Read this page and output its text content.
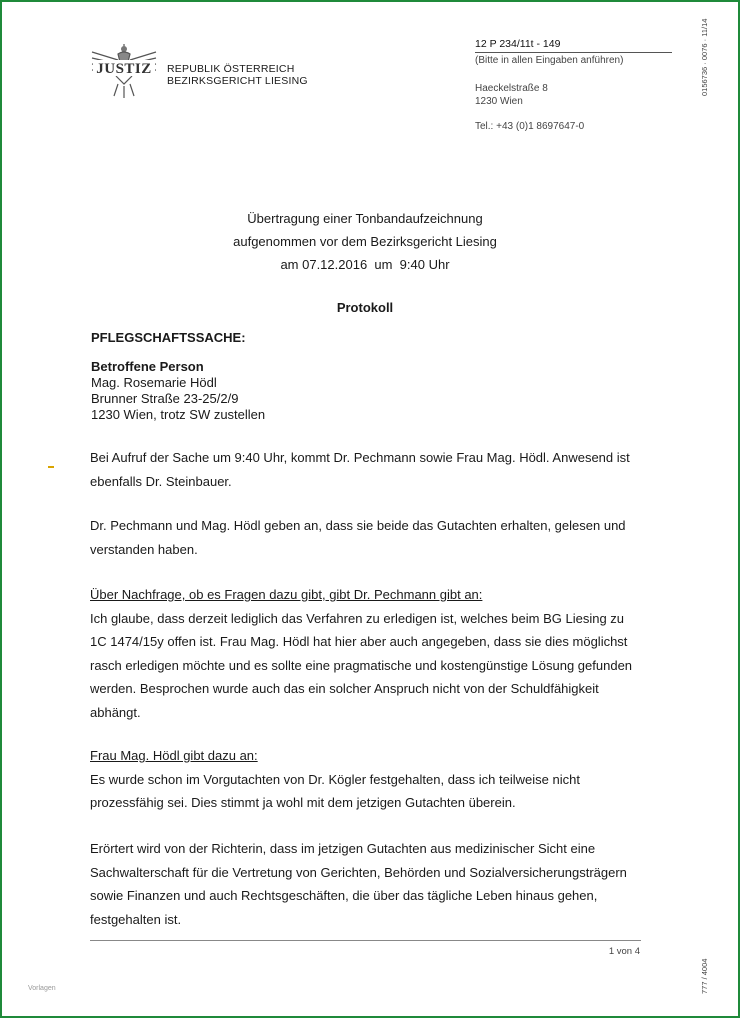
JUSTIZ REPUBLIK ÖSTERREICH
BEZIRKSGERICHT LIESING
12 P 234/11t - 149
(Bitte in allen Eingaben anführen)
Haeckelstraße 8
1230 Wien
Tel.: +43 (0)1 8697647-0
0156736 · 0076 · 11/14
777 / 4004
Übertragung einer Tonbandaufzeichnung
aufgenommen vor dem Bezirksgericht Liesing
am 07.12.2016  um  9:40 Uhr
Protokoll
PFLEGSCHAFTSSACHE:
Betroffene Person
Mag. Rosemarie Hödl
Brunner Straße 23-25/2/9
1230 Wien, trotz SW zustellen
Bei Aufruf der Sache um 9:40 Uhr, kommt Dr. Pechmann sowie Frau Mag. Hödl. Anwesend ist
ebenfalls Dr. Steinbauer.
Dr. Pechmann und Mag. Hödl geben an, dass sie beide das Gutachten erhalten, gelesen und
verstanden haben.
Über Nachfrage, ob es Fragen dazu gibt, gibt Dr. Pechmann gibt an:
Ich glaube, dass derzeit lediglich das Verfahren zu erledigen ist, welches beim BG Liesing zu
1C 1474/15y offen ist. Frau Mag. Hödl hat hier aber auch angegeben, dass sie dies möglichst
rasch erledigen möchte und es sollte eine pragmatische und kostengünstige Lösung gefunden
werden. Besprochen wurde auch das ein solcher Anspruch nicht von der Schuldfähigkeit
abhängt.
Frau Mag. Hödl gibt dazu an:
Es wurde schon im Vorgutachten von Dr. Kögler festgehalten, dass ich teilweise nicht
prozessfähig sei. Dies stimmt ja wohl mit dem jetzigen Gutachten überein.
Erörtert wird von der Richterin, dass im jetzigen Gutachten aus medizinischer Sicht eine
Sachwalterschaft für die Vertretung von Gerichten, Behörden und Sozialversicherungsträgern
sowie Finanzen und auch Rechtsgeschäften, die über das tägliche Leben hinaus gehen,
festgehalten ist.
1 von 4
Vorlagen
